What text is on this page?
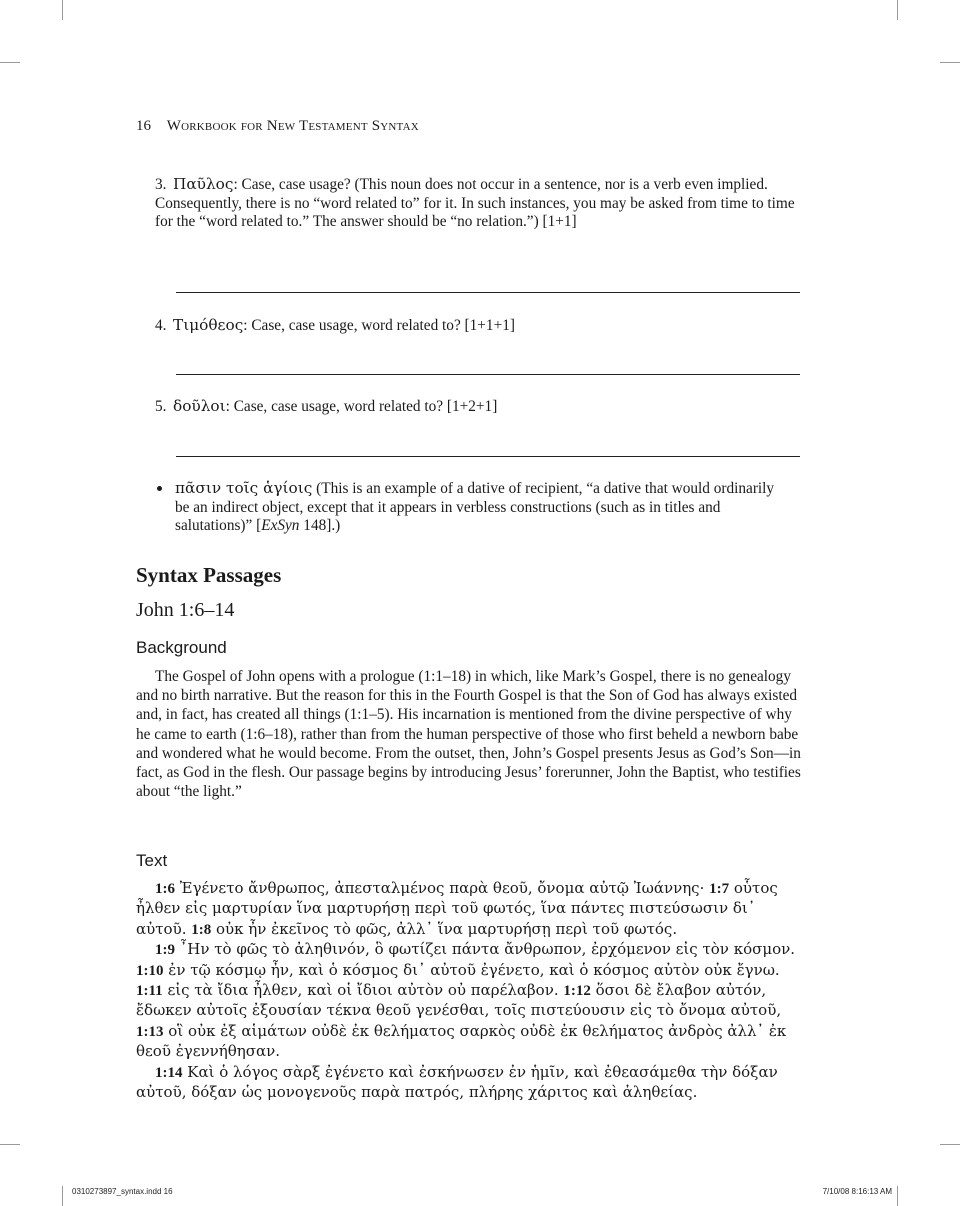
16 Workbook for New Testament Syntax
3. Παῦλος: Case, case usage? (This noun does not occur in a sentence, nor is a verb even implied. Consequently, there is no “word related to” for it. In such instances, you may be asked from time to time for the “word related to.” The answer should be “no relation.”) [1+1]
4. Τιμόθεος: Case, case usage, word related to? [1+1+1]
5. δοῦλοι: Case, case usage, word related to? [1+2+1]
πᾶσιν τοῖς ἁγίοις (This is an example of a dative of recipient, “a dative that would ordinarily be an indirect object, except that it appears in verbless constructions (such as in titles and salutations)” [ExSyn 148].)
Syntax Passages
John 1:6–14
Background

The Gospel of John opens with a prologue (1:1–18) in which, like Mark’s Gospel, there is no genealogy and no birth narrative. But the reason for this in the Fourth Gospel is that the Son of God has always existed and, in fact, has created all things (1:1–5). His incarnation is mentioned from the divine perspective of why he came to earth (1:6–18), rather than from the human perspective of those who first beheld a newborn babe and wondered what he would become. From the outset, then, John’s Gospel presents Jesus as God’s Son—in fact, as God in the flesh. Our passage begins by introducing Jesus’ forerunner, John the Baptist, who testifies about “the light.”

Text

1:6 Ἐγένετο ἄνθρωπος, ἀπεσταλμένος παρὰ θεοῦ, ὄνομα αὐτῷ Ἰωάννης· 1:7 οὗτος ἦλθεν εἰς μαρτυρίαν ἵνα μαρτυρήσῃ περὶ τοῦ φωτός, ἵνα πάντες πιστεύσωσιν δι᾽ αὐτοῦ. 1:8 οὐκ ἦν ἐκεῖνος τὸ φῶς, ἀλλ᾽ ἵνα μαρτυρήσῃ περὶ τοῦ φωτός.

1:9 ῏Ην τὸ φῶς τὸ ἀληθινόν, ὃ φωτίζει πάντα ἄνθρωπον, ἐρχόμενον εἰς τὸν κόσμον. 1:10 ἐν τῷ κόσμῳ ἦν, καὶ ὁ κόσμος δι᾽ αὐτοῦ ἐγένετο, καὶ ὁ κόσμος αὐτὸν οὐκ ἔγνω. 1:11 εἰς τὰ ἴδια ἦλθεν, καὶ οἱ ἴδιοι αὐτὸν οὐ παρέλαβον. 1:12 ὅσοι δὲ ἔλαβον αὐτόν, ἔδωκεν αὐτοῖς ἐξουσίαν τέκνα θεοῦ γενέσθαι, τοῖς πιστεύουσιν εἰς τὸ ὄνομα αὐτοῦ, 1:13 οἳ οὐκ ἐξ αἱμάτων οὐδὲ ἐκ θελήματος σαρκὸς οὐδὲ ἐκ θελήματος ἀνδρὸς ἀλλ᾽ ἐκ θεοῦ ἐγεννήθησαν.

1:14 Καὶ ὁ λόγος σὰρξ ἐγένετο καὶ ἐσκήνωσεν ἐν ἡμῖν, καὶ ἐθεασάμεθα τὴν δόξαν αὐτοῦ, δόξαν ὡς μονογενοῦς παρὰ πατρός, πλήρης χάριτος καὶ ἀληθείας.

0310273897_syntax.indd 16	7/10/08 8:16:13 AM
